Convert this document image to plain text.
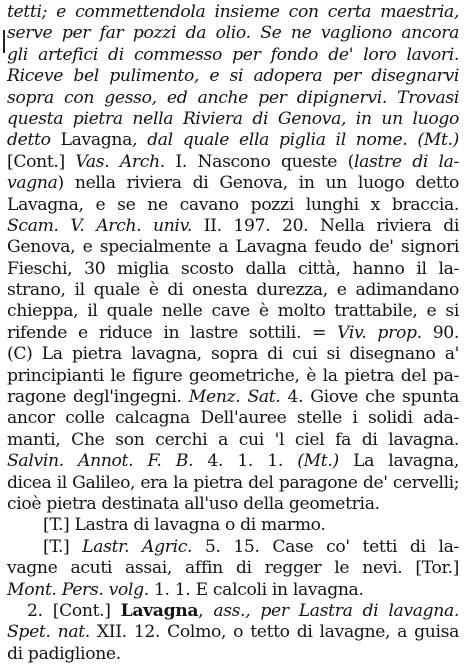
tetti; e commettendola insieme con certa maestria,
serve per far pozzi da olio. Se ne vagliono ancora
gli artefici di commesso per fondo de' loro lavori.
Riceve bel pulimento, e si adopera per disegnarvi
sopra con gesso, ed anche per dipignervi. Trovasi
questa pietra nella Riviera di Genova, in un luogo
detto Lavagna, dal quale ella piglia il nome. (Mt.)
[Cont.] Vas. Arch. I. Nascono queste (lastre di la-
vagna) nella riviera di Genova, in un luogo detto
Lavagna, e se ne cavano pozzi lunghi x braccia.
Scam. V. Arch. univ. II. 197. 20. Nella riviera di
Genova, e specialmente a Lavagna feudo de' signori
Fieschi, 30 miglia scosto dalla città, hanno il la-
strano, il quale è di onesta durezza, e adimandano
chieppa, il quale nelle cave è molto trattabile, e si
rifende e riduce in lastre sottili. = Viv. prop. 90.
(C) La pietra lavagna, sopra di cui si disegnano a'
principianti le figure geometriche, è la pietra del pa-
ragone degl'ingegni. Menz. Sat. 4. Giove che spunta
ancor colle calcagna Dell'auree stelle i solidi ada-
manti, Che son cerchi a cui 'l ciel fa di lavagna.
Salvin. Annot. F. B. 4. 1. 1. (Mt.) La lavagna,
dicea il Galileo, era la pietra del paragone de' cervelli;
cioè pietra destinata all'uso della geometria.
[T.] Lastra di lavagna o di marmo.
[T.] Lastr. Agric. 5. 15. Case co' tetti di la-
vagne acuti assai, affin di regger le nevi. [Tor.]
Mont. Pers. volg. 1. 1. E calcoli in lavagna.
2. [Cont.] Lavagna, ass., per Lastra di lavagna.
Spet. nat. XII. 12. Colmo, o tetto di lavagne, a guisa
di padiglione.
